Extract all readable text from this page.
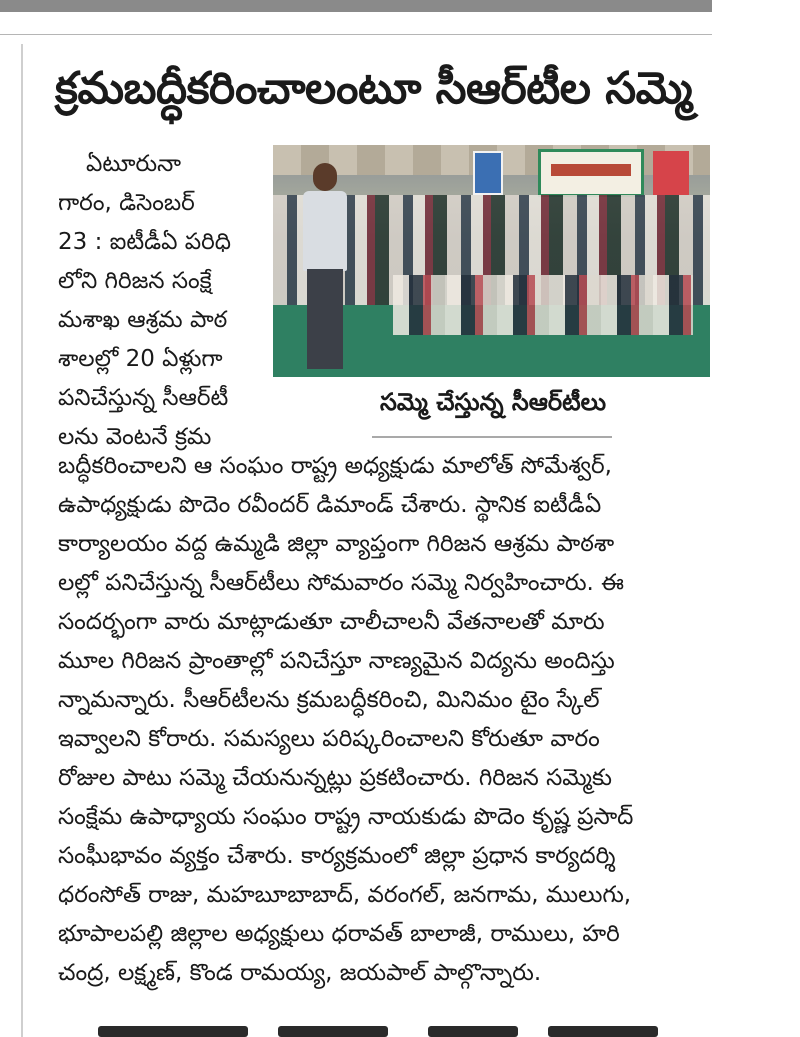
క్రమబద్ధీకరించాలంటూ సీఆర్‌టీల సమ్మె

ఏటూరునా

గారం, డిసెంబర్

23 : ఐటీడీఏ పరిధి

లోని గిరిజన సంక్షే

మశాఖ ఆశ్రమ పాఠ

శాలల్లో 20 ఏళ్లుగా

పనిచేస్తున్న సీఆర్‌టీ

లను వెంటనే క్రమ

సమ్మె చేస్తున్న సీఆర్‌టీలు

బద్ధీకరించాలని ఆ సంఘం రాష్ట్ర అధ్యక్షుడు మాలోత్ సోమేశ్వర్,

ఉపాధ్యక్షుడు పొదెం రవీందర్ డిమాండ్ చేశారు. స్థానిక ఐటీడీఏ

కార్యాలయం వద్ద ఉమ్మడి జిల్లా వ్యాప్తంగా గిరిజన ఆశ్రమ పాఠశా

లల్లో పనిచేస్తున్న సీఆర్‌టీలు సోమవారం సమ్మె నిర్వహించారు. ఈ

సందర్భంగా వారు మాట్లాడుతూ చాలీచాలనీ వేతనాలతో మారు

మూల గిరిజన ప్రాంతాల్లో పనిచేస్తూ నాణ్యమైన విద్యను అందిస్తు

న్నామన్నారు. సీఆర్‌టీలను క్రమబద్ధీకరించి, మినిమం టైం స్కేల్

ఇవ్వాలని కోరారు. సమస్యలు పరిష్కరించాలని కోరుతూ వారం

రోజుల పాటు సమ్మె చేయనున్నట్లు ప్రకటించారు. గిరిజన సమ్మెకు

సంక్షేమ ఉపాధ్యాయ సంఘం రాష్ట్ర నాయకుడు పొదెం కృష్ణ ప్రసాద్

సంఘీభావం వ్యక్తం చేశారు. కార్యక్రమంలో జిల్లా ప్రధాన కార్యదర్శి

ధరంసోత్ రాజు, మహబూబాబాద్, వరంగల్, జనగామ, ములుగు,

భూపాలపల్లి జిల్లాల అధ్యక్షులు ధరావత్ బాలాజీ, రాములు, హరి

చంద్ర, లక్ష్మణ్, కొండ రామయ్య, జయపాల్ పాల్గొన్నారు.
